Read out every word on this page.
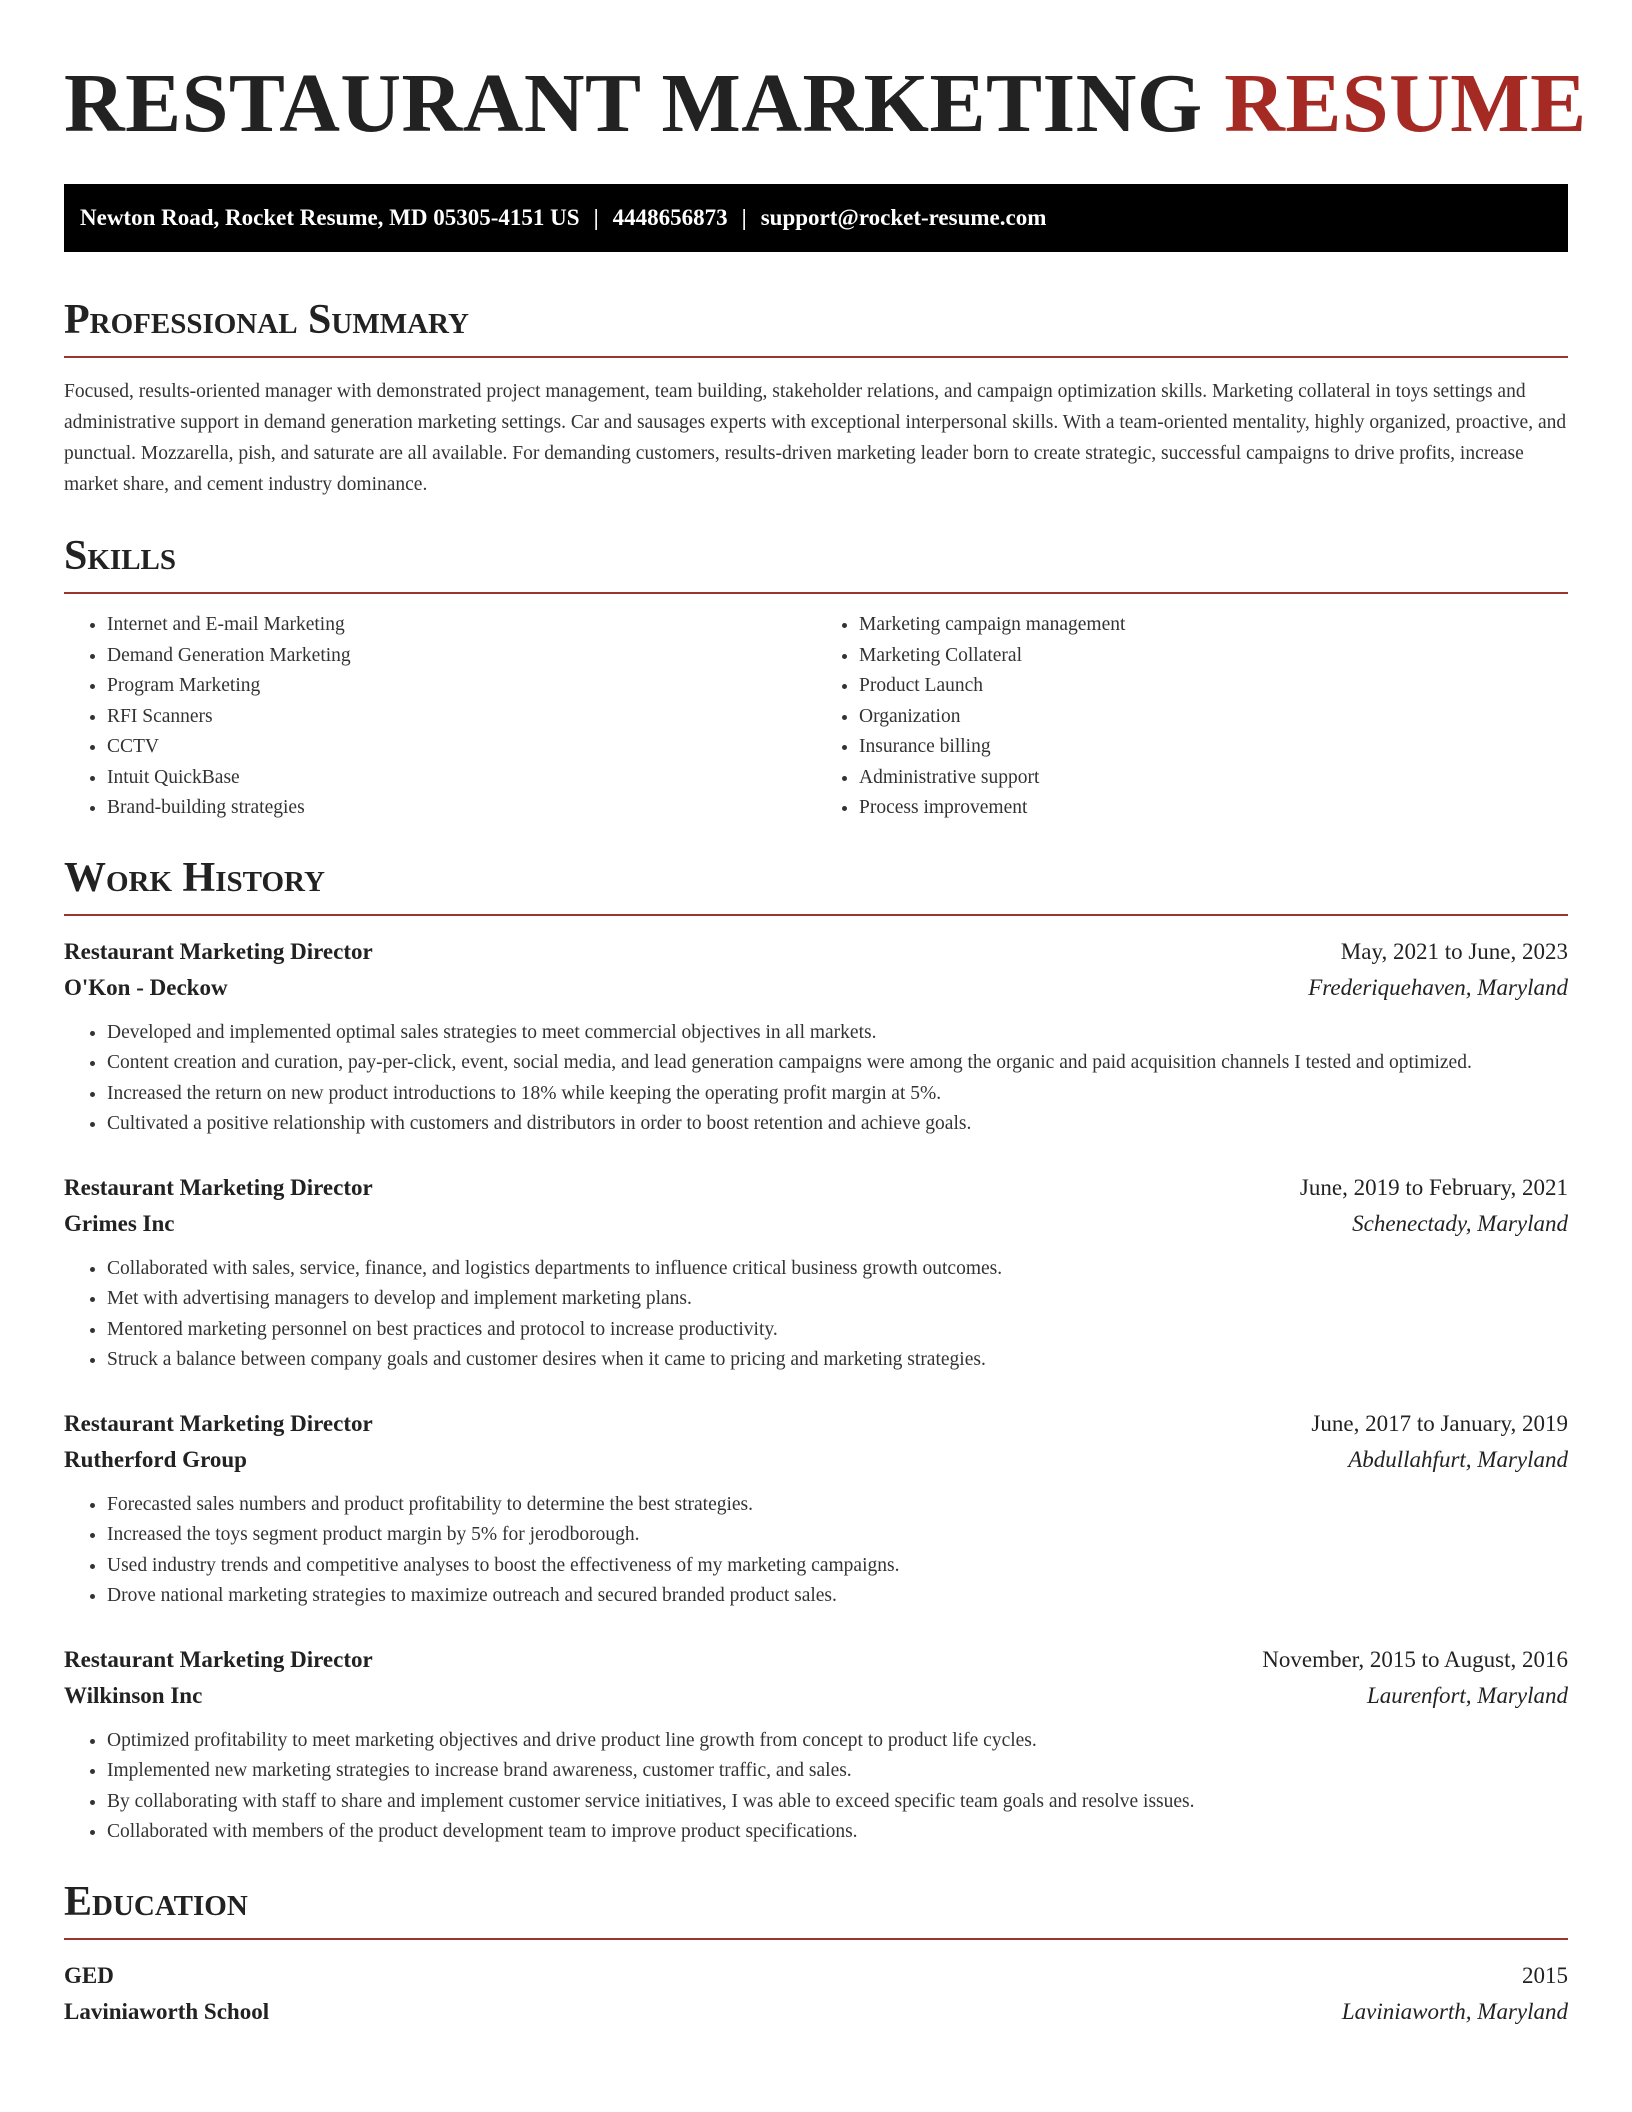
RESTAURANT MARKETING RESUME
Newton Road, Rocket Resume, MD 05305-4151 US | 4448656873 | support@rocket-resume.com
Professional Summary

Focused, results-oriented manager with demonstrated project management, team building, stakeholder relations, and campaign optimization skills. Marketing collateral in toys settings and administrative support in demand generation marketing settings. Car and sausages experts with exceptional interpersonal skills. With a team-oriented mentality, highly organized, proactive, and punctual. Mozzarella, pish, and saturate are all available. For demanding customers, results-driven marketing leader born to create strategic, successful campaigns to drive profits, increase market share, and cement industry dominance.

Skills
• Internet and E-mail Marketing
• Demand Generation Marketing
• Program Marketing
• RFI Scanners
• CCTV
• Intuit QuickBase
• Brand-building strategies
• Marketing campaign management
• Marketing Collateral
• Product Launch
• Organization
• Insurance billing
• Administrative support
• Process improvement
Work History
Restaurant Marketing Director	May, 2021 to June, 2023
O'Kon - Deckow	Frederiquehaven, Maryland
• Developed and implemented optimal sales strategies to meet commercial objectives in all markets.
• Content creation and curation, pay-per-click, event, social media, and lead generation campaigns were among the organic and paid acquisition channels I tested and optimized.
• Increased the return on new product introductions to 18% while keeping the operating profit margin at 5%.
• Cultivated a positive relationship with customers and distributors in order to boost retention and achieve goals.
Restaurant Marketing Director	June, 2019 to February, 2021
Grimes Inc	Schenectady, Maryland
• Collaborated with sales, service, finance, and logistics departments to influence critical business growth outcomes.
• Met with advertising managers to develop and implement marketing plans.
• Mentored marketing personnel on best practices and protocol to increase productivity.
• Struck a balance between company goals and customer desires when it came to pricing and marketing strategies.
Restaurant Marketing Director	June, 2017 to January, 2019
Rutherford Group	Abdullahfurt, Maryland
• Forecasted sales numbers and product profitability to determine the best strategies.
• Increased the toys segment product margin by 5% for jerodborough.
• Used industry trends and competitive analyses to boost the effectiveness of my marketing campaigns.
• Drove national marketing strategies to maximize outreach and secured branded product sales.
Restaurant Marketing Director	November, 2015 to August, 2016
Wilkinson Inc	Laurenfort, Maryland
• Optimized profitability to meet marketing objectives and drive product line growth from concept to product life cycles.
• Implemented new marketing strategies to increase brand awareness, customer traffic, and sales.
• By collaborating with staff to share and implement customer service initiatives, I was able to exceed specific team goals and resolve issues.
• Collaborated with members of the product development team to improve product specifications.
Education
GED	2015
Laviniaworth School	Laviniaworth, Maryland
